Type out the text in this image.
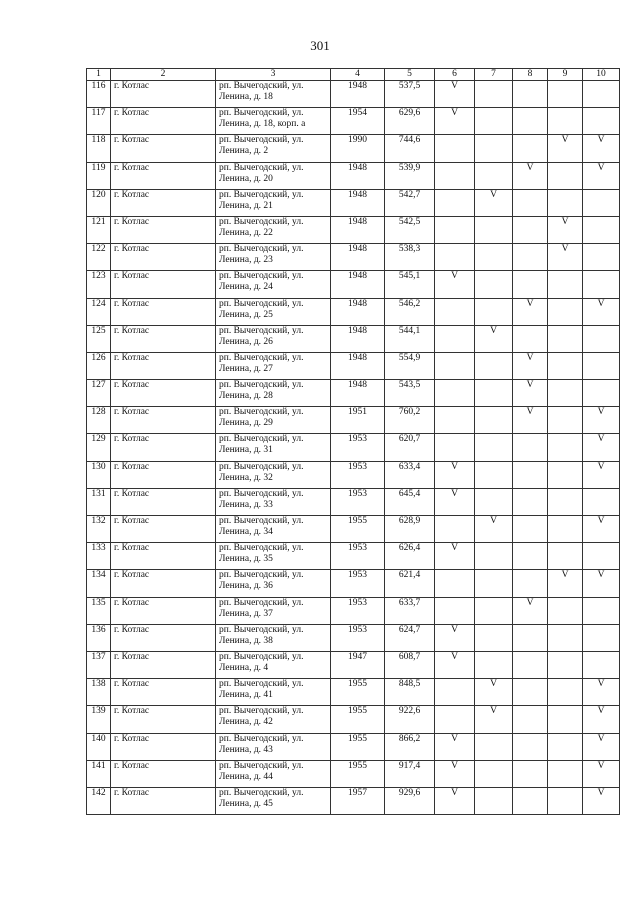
301
1	2	3	4	5	6	7	8	9	10
116	г. Котлас	рп. Вычегодский, ул.
Ленина, д. 18	1948	537,5	V				
117	г. Котлас	рп. Вычегодский, ул.
Ленина, д. 18, корп. а	1954	629,6	V				
118	г. Котлас	рп. Вычегодский, ул.
Ленина, д. 2	1990	744,6				V	V
119	г. Котлас	рп. Вычегодский, ул.
Ленина, д. 20	1948	539,9			V		V
120	г. Котлас	рп. Вычегодский, ул.
Ленина, д. 21	1948	542,7		V			
121	г. Котлас	рп. Вычегодский, ул.
Ленина, д. 22	1948	542,5				V	
122	г. Котлас	рп. Вычегодский, ул.
Ленина, д. 23	1948	538,3				V	
123	г. Котлас	рп. Вычегодский, ул.
Ленина, д. 24	1948	545,1	V				
124	г. Котлас	рп. Вычегодский, ул.
Ленина, д. 25	1948	546,2			V		V
125	г. Котлас	рп. Вычегодский, ул.
Ленина, д. 26	1948	544,1		V			
126	г. Котлас	рп. Вычегодский, ул.
Ленина, д. 27	1948	554,9			V		
127	г. Котлас	рп. Вычегодский, ул.
Ленина, д. 28	1948	543,5			V		
128	г. Котлас	рп. Вычегодский, ул.
Ленина, д. 29	1951	760,2			V		V
129	г. Котлас	рп. Вычегодский, ул.
Ленина, д. 31	1953	620,7					V
130	г. Котлас	рп. Вычегодский, ул.
Ленина, д. 32	1953	633,4	V				V
131	г. Котлас	рп. Вычегодский, ул.
Ленина, д. 33	1953	645,4	V				
132	г. Котлас	рп. Вычегодский, ул.
Ленина, д. 34	1955	628,9		V			V
133	г. Котлас	рп. Вычегодский, ул.
Ленина, д. 35	1953	626,4	V				
134	г. Котлас	рп. Вычегодский, ул.
Ленина, д. 36	1953	621,4				V	V
135	г. Котлас	рп. Вычегодский, ул.
Ленина, д. 37	1953	633,7			V		
136	г. Котлас	рп. Вычегодский, ул.
Ленина, д. 38	1953	624,7	V				
137	г. Котлас	рп. Вычегодский, ул.
Ленина, д. 4	1947	608,7	V				
138	г. Котлас	рп. Вычегодский, ул.
Ленина, д. 41	1955	848,5		V			V
139	г. Котлас	рп. Вычегодский, ул.
Ленина, д. 42	1955	922,6		V			V
140	г. Котлас	рп. Вычегодский, ул.
Ленина, д. 43	1955	866,2	V				V
141	г. Котлас	рп. Вычегодский, ул.
Ленина, д. 44	1955	917,4	V				V
142	г. Котлас	рп. Вычегодский, ул.
Ленина, д. 45	1957	929,6	V				V
